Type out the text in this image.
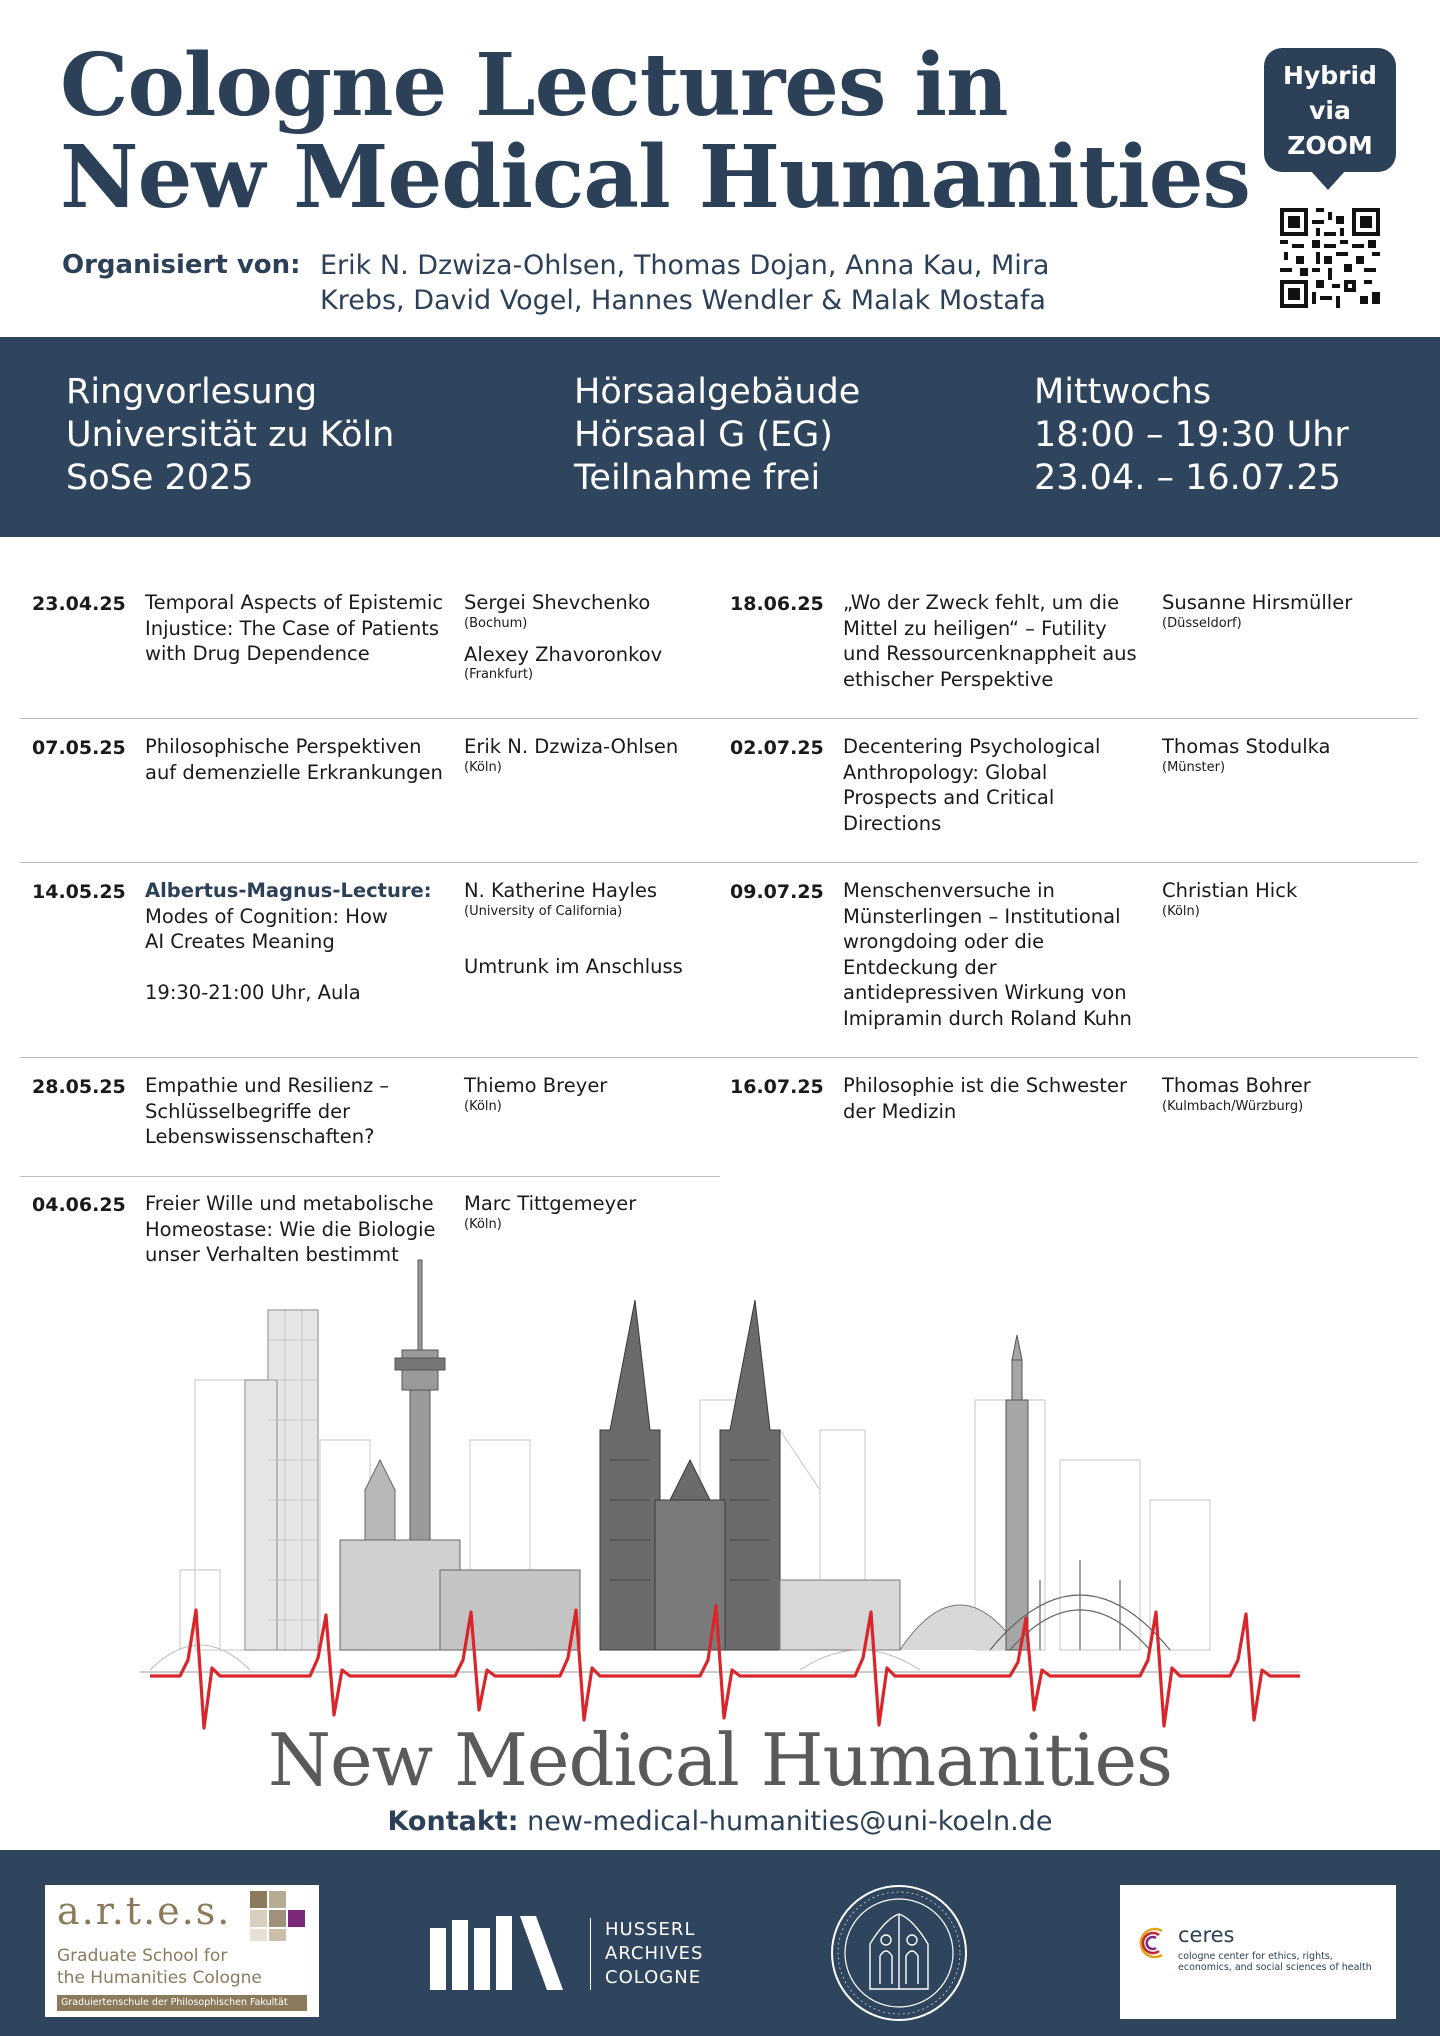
Cologne Lectures in
New Medical Humanities
Organisiert von: Erik N. Dzwiza-Ohlsen, Thomas Dojan, Anna Kau, Mira
Krebs, David Vogel, Hannes Wendler & Malak Mostafa
Hybrid
via
ZOOM
Ringvorlesung
Universität zu Köln
SoSe 2025
Hörsaalgebäude
Hörsaal G (EG)
Teilnahme frei
Mittwochs
18:00 – 19:30 Uhr
23.04. – 16.07.25
23.04.25 Temporal Aspects of Epistemic Injustice: The Case of Patients with Drug Dependence
Sergei Shevchenko
(Bochum)
Alexey Zhavoronkov
(Frankfurt)
07.05.25 Philosophische Perspektiven auf demenzielle Erkrankungen
Erik N. Dzwiza-Ohlsen
(Köln)
14.05.25 Albertus-Magnus-Lecture:
Modes of Cognition: How AI Creates Meaning
19:30-21:00 Uhr, Aula
N. Katherine Hayles
(University of California)
Umtrunk im Anschluss
28.05.25 Empathie und Resilienz – Schlüsselbegriffe der Lebenswissenschaften?
Thiemo Breyer
(Köln)
04.06.25 Freier Wille und metabolische Homeostase: Wie die Biologie unser Verhalten bestimmt
Marc Tittgemeyer
(Köln)
18.06.25 „Wo der Zweck fehlt, um die Mittel zu heiligen“ – Futility und Ressourcenknappheit aus ethischer Perspektive
Susanne Hirsmüller
(Düsseldorf)
02.07.25 Decentering Psychological Anthropology: Global Prospects and Critical Directions
Thomas Stodulka
(Münster)
09.07.25 Menschenversuche in Münsterlingen – Institutional wrongdoing oder die Entdeckung der antidepressiven Wirkung von Imipramin durch Roland Kuhn
Christian Hick
(Köln)
16.07.25 Philosophie ist die Schwester der Medizin
Thomas Bohrer
(Kulmbach/Würzburg)
New Medical Humanities
Kontakt: new-medical-humanities@uni-koeln.de
a.r.t.e.s.
Graduate School for
the Humanities Cologne
Graduiertenschule der Philosophischen Fakultät
HUSSERL
ARCHIVES
COLOGNE
ceres
cologne center for ethics, rights, economics, and social sciences of health
